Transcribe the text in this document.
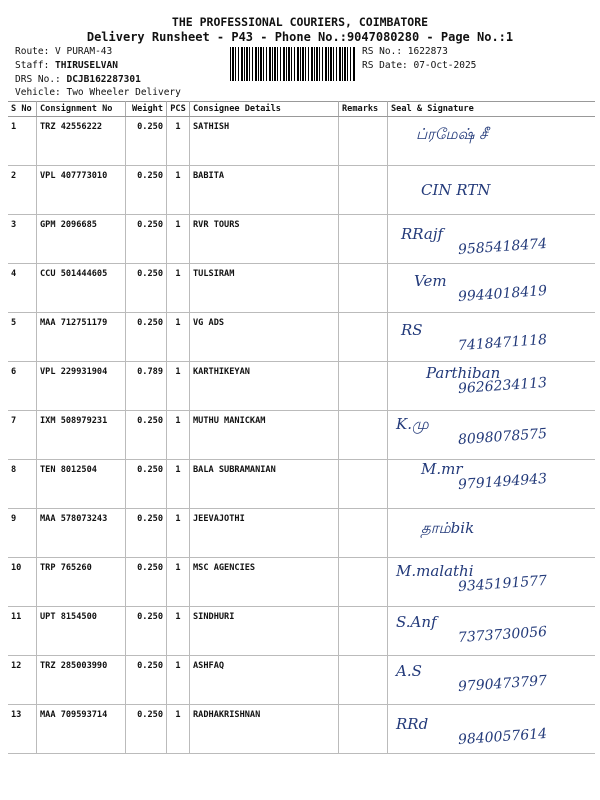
THE PROFESSIONAL COURIERS, COIMBATORE
Delivery Runsheet - P43 - Phone No.:9047080280 - Page No.:1
Route: V PURAM-43
Staff: THIRUSELVAN
DRS No.: DCJB162287301
Vehicle: Two Wheeler Delivery
RS No.: 1622873
RS Date: 07-Oct-2025
S No	Consignment No	Weight	PCS	Consignee Details	Remarks	Seal & Signature
1	TRZ 42556222	0.250	1	SATHISH		ப்ரமேஷ் சீ

2	VPL 407773010	0.250	1	BABITA		CIN RTN

3	GPM 2096685	0.250	1	RVR TOURS		RRajf
9585418474

4	CCU 501444605	0.250	1	TULSIRAM		Vem
9944018419

5	MAA 712751179	0.250	1	VG ADS		RS
7418471118

6	VPL 229931904	0.789	1	KARTHIKEYAN		Parthiban
9626234113

7	IXM 508979231	0.250	1	MUTHU MANICKAM		K.மு
8098078575

8	TEN 8012504	0.250	1	BALA SUBRAMANIAN		M.mr
9791494943

9	MAA 578073243	0.250	1	JEEVAJOTHI		தாம்bik

10	TRP 765260	0.250	1	MSC AGENCIES		M.malathi
9345191577

11	UPT 8154500	0.250	1	SINDHURI		S.Anf
7373730056

12	TRZ 285003990	0.250	1	ASHFAQ		A.S
9790473797

13	MAA 709593714	0.250	1	RADHAKRISHNAN		RRd
9840057614
